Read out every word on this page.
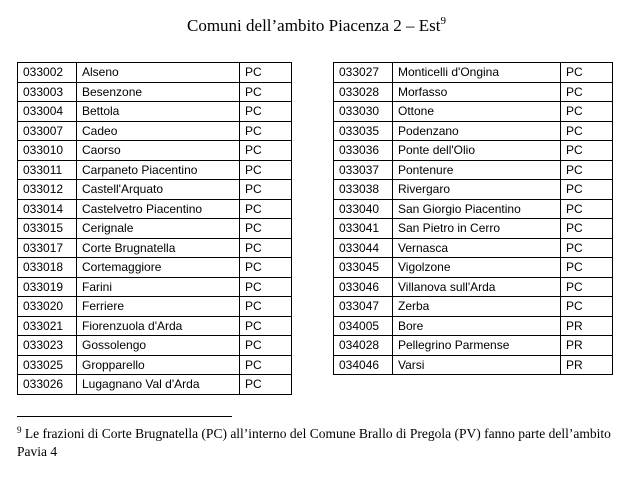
Comuni dell’ambito Piacenza 2 – Est$^9$
033002	Alseno	PC
033003	Besenzone	PC
033004	Bettola	PC
033007	Cadeo	PC
033010	Caorso	PC
033011	Carpaneto Piacentino	PC
033012	Castell'Arquato	PC
033014	Castelvetro Piacentino	PC
033015	Cerignale	PC
033017	Corte Brugnatella	PC
033018	Cortemaggiore	PC
033019	Farini	PC
033020	Ferriere	PC
033021	Fiorenzuola d'Arda	PC
033023	Gossolengo	PC
033025	Gropparello	PC
033026	Lugagnano Val d'Arda	PC
033027	Monticelli d'Ongina	PC
033028	Morfasso	PC
033030	Ottone	PC
033035	Podenzano	PC
033036	Ponte dell'Olio	PC
033037	Pontenure	PC
033038	Rivergaro	PC
033040	San Giorgio Piacentino	PC
033041	San Pietro in Cerro	PC
033044	Vernasca	PC
033045	Vigolzone	PC
033046	Villanova sull'Arda	PC
033047	Zerba	PC
034005	Bore	PR
034028	Pellegrino Parmense	PR
034046	Varsi	PR
$^9$ Le frazioni di Corte Brugnatella (PC) all’interno del Comune Brallo di Pregola (PV) fanno parte dell’ambito Pavia 4
